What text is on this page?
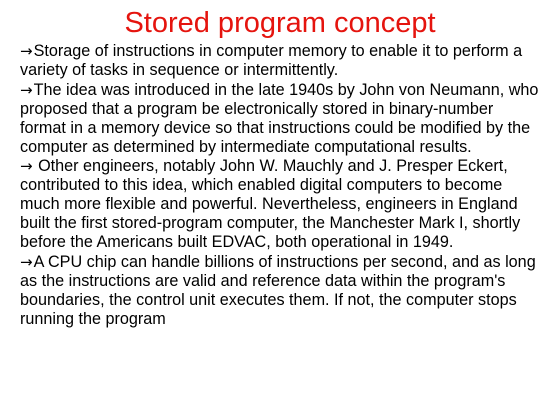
Stored program concept

→Storage of instructions in computer memory to enable it to perform a variety of tasks in sequence or intermittently.

→The idea was introduced in the late 1940s by John von Neumann, who proposed that a program be electronically stored in binary-number format in a memory device so that instructions could be modified by the computer as determined by intermediate computational results.

→ Other engineers, notably John W. Mauchly and J. Presper Eckert, contributed to this idea, which enabled digital computers to become much more flexible and powerful. Nevertheless, engineers in England built the first stored-program computer, the Manchester Mark I, shortly before the Americans built EDVAC, both operational in 1949.

→A CPU chip can handle billions of instructions per second, and as long as the instructions are valid and reference data within the program's boundaries, the control unit executes them. If not, the computer stops running the program
